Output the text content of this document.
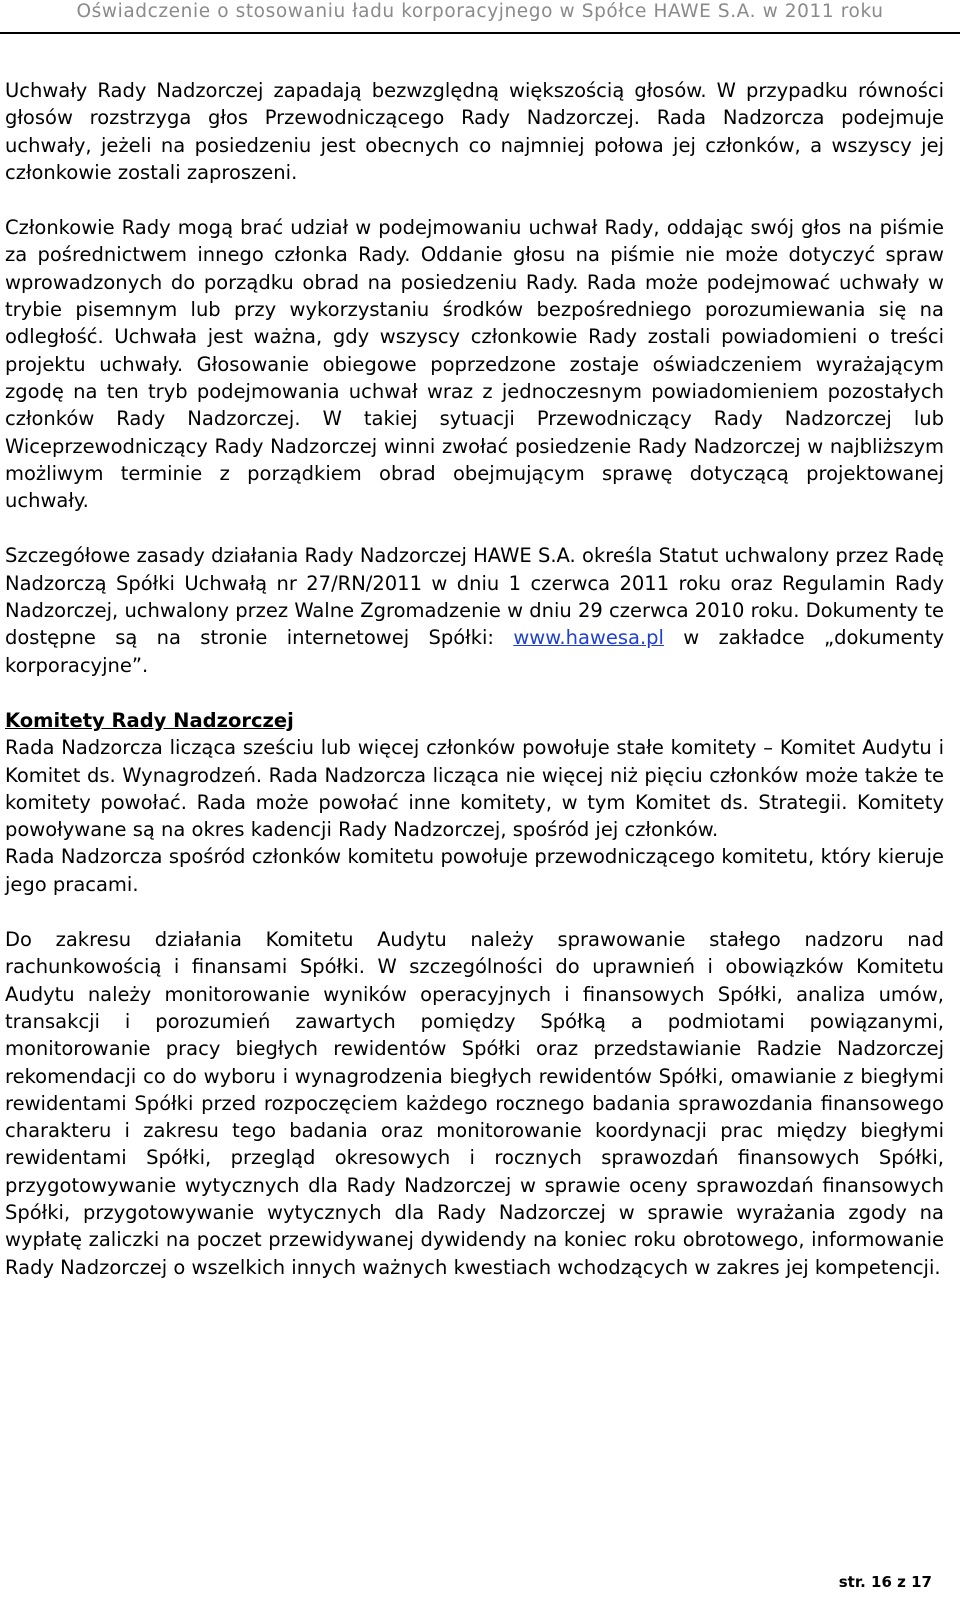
Oświadczenie o stosowaniu ładu korporacyjnego w Spółce HAWE S.A. w 2011 roku

Uchwały Rady Nadzorczej zapadają bezwzględną większością głosów. W przypadku równości głosów rozstrzyga głos Przewodniczącego Rady Nadzorczej. Rada Nadzorcza podejmuje uchwały, jeżeli na posiedzeniu jest obecnych co najmniej połowa jej członków, a wszyscy jej członkowie zostali zaproszeni.

Członkowie Rady mogą brać udział w podejmowaniu uchwał Rady, oddając swój głos na piśmie za pośrednictwem innego członka Rady. Oddanie głosu na piśmie nie może dotyczyć spraw wprowadzonych do porządku obrad na posiedzeniu Rady. Rada może podejmować uchwały w trybie pisemnym lub przy wykorzystaniu środków bezpośredniego porozumiewania się na odległość. Uchwała jest ważna, gdy wszyscy członkowie Rady zostali powiadomieni o treści projektu uchwały. Głosowanie obiegowe poprzedzone zostaje oświadczeniem wyrażającym zgodę na ten tryb podejmowania uchwał wraz z jednoczesnym powiadomieniem pozostałych członków Rady Nadzorczej. W takiej sytuacji Przewodniczący Rady Nadzorczej lub Wiceprzewodniczący Rady Nadzorczej winni zwołać posiedzenie Rady Nadzorczej w najbliższym możliwym terminie z porządkiem obrad obejmującym sprawę dotyczącą projektowanej uchwały.

Szczegółowe zasady działania Rady Nadzorczej HAWE S.A. określa Statut uchwalony przez Radę Nadzorczą Spółki Uchwałą nr 27/RN/2011 w dniu 1 czerwca 2011 roku oraz Regulamin Rady Nadzorczej, uchwalony przez Walne Zgromadzenie w dniu 29 czerwca 2010 roku. Dokumenty te dostępne są na stronie internetowej Spółki: www.hawesa.pl w zakładce „dokumenty korporacyjne”.

Komitety Rady Nadzorczej

Rada Nadzorcza licząca sześciu lub więcej członków powołuje stałe komitety – Komitet Audytu i Komitet ds. Wynagrodzeń. Rada Nadzorcza licząca nie więcej niż pięciu członków może także te komitety powołać. Rada może powołać inne komitety, w tym Komitet ds. Strategii. Komitety powoływane są na okres kadencji Rady Nadzorczej, spośród jej członków.

Rada Nadzorcza spośród członków komitetu powołuje przewodniczącego komitetu, który kieruje jego pracami.

Do zakresu działania Komitetu Audytu należy sprawowanie stałego nadzoru nad rachunkowością i finansami Spółki. W szczególności do uprawnień i obowiązków Komitetu Audytu należy monitorowanie wyników operacyjnych i finansowych Spółki, analiza umów, transakcji i porozumień zawartych pomiędzy Spółką a podmiotami powiązanymi, monitorowanie pracy biegłych rewidentów Spółki oraz przedstawianie Radzie Nadzorczej rekomendacji co do wyboru i wynagrodzenia biegłych rewidentów Spółki, omawianie z biegłymi rewidentami Spółki przed rozpoczęciem każdego rocznego badania sprawozdania finansowego charakteru i zakresu tego badania oraz monitorowanie koordynacji prac między biegłymi rewidentami Spółki, przegląd okresowych i rocznych sprawozdań finansowych Spółki, przygotowywanie wytycznych dla Rady Nadzorczej w sprawie oceny sprawozdań finansowych Spółki, przygotowywanie wytycznych dla Rady Nadzorczej w sprawie wyrażania zgody na wypłatę zaliczki na poczet przewidywanej dywidendy na koniec roku obrotowego, informowanie Rady Nadzorczej o wszelkich innych ważnych kwestiach wchodzących w zakres jej kompetencji.

str. 16 z 17
